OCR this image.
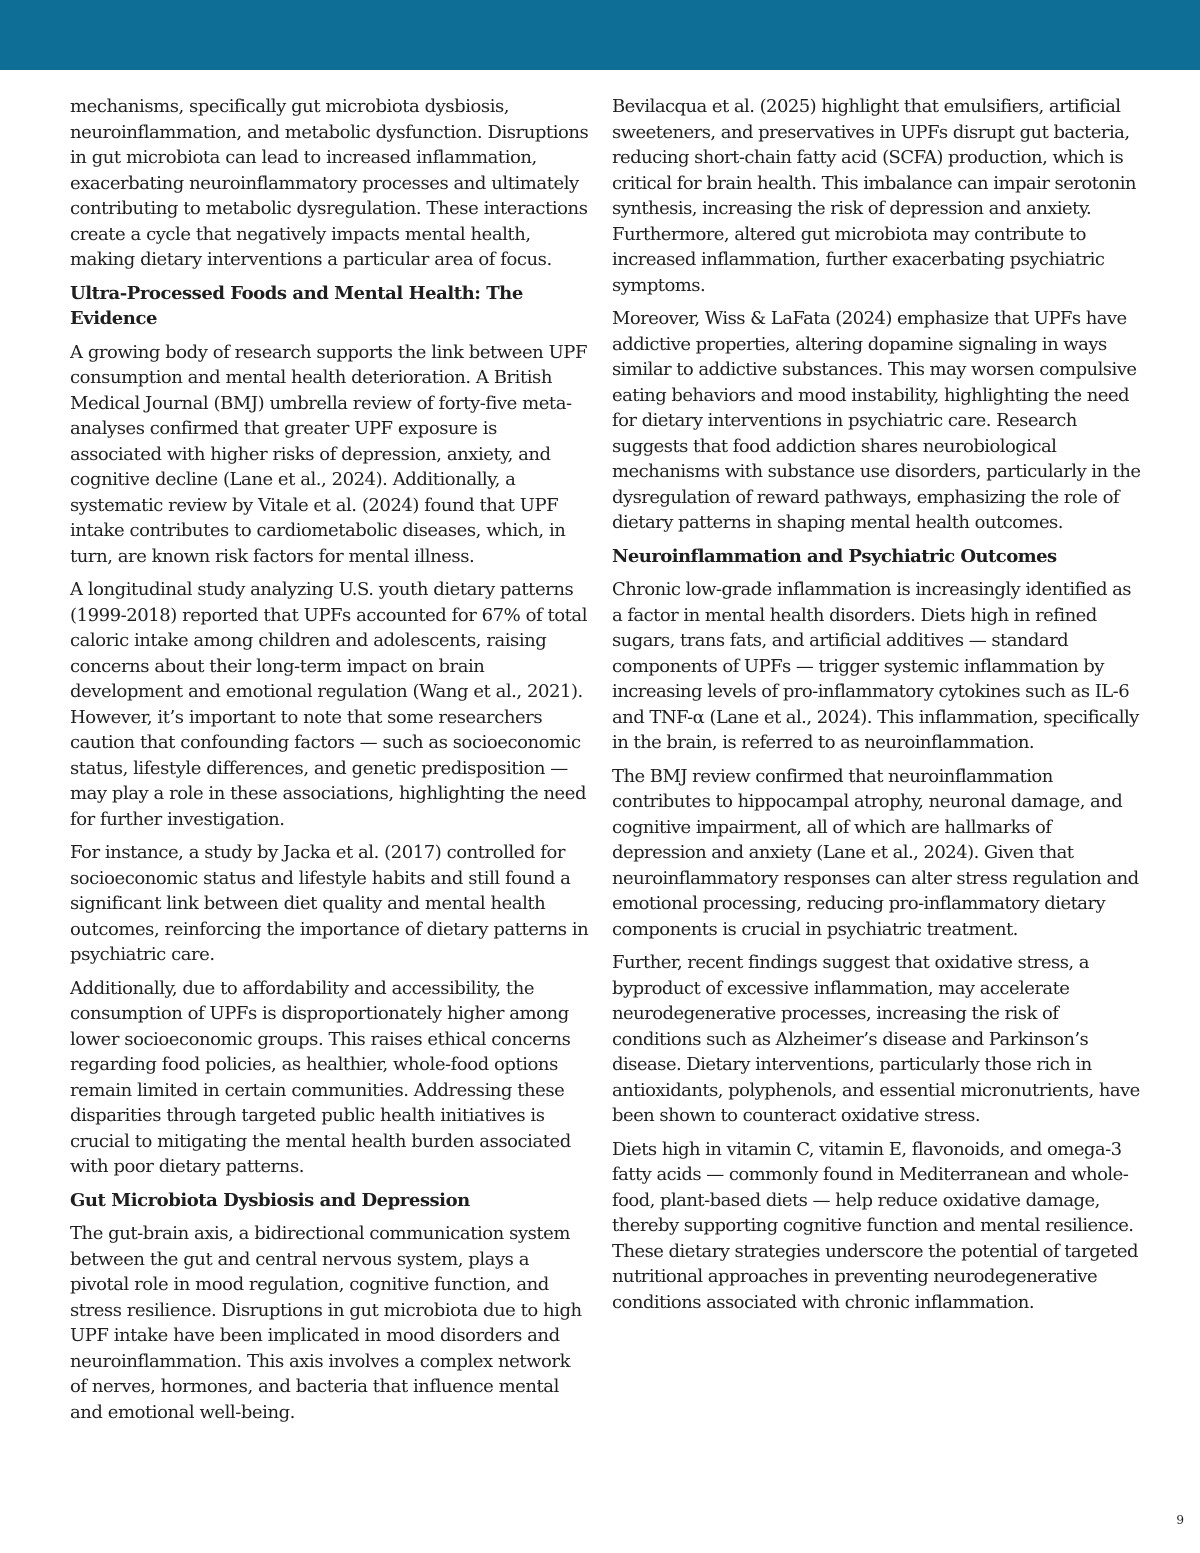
mechanisms, specifically gut microbiota dysbiosis, neuroinflammation, and metabolic dysfunction. Disruptions in gut microbiota can lead to increased inflammation, exacerbating neuroinflammatory processes and ultimately contributing to metabolic dysregulation. These interactions create a cycle that negatively impacts mental health, making dietary interventions a particular area of focus.

Ultra-Processed Foods and Mental Health: The Evidence

A growing body of research supports the link between UPF consumption and mental health deterioration. A British Medical Journal (BMJ) umbrella review of forty-five meta-analyses confirmed that greater UPF exposure is associated with higher risks of depression, anxiety, and cognitive decline (Lane et al., 2024). Additionally, a systematic review by Vitale et al. (2024) found that UPF intake contributes to cardiometabolic diseases, which, in turn, are known risk factors for mental illness.

A longitudinal study analyzing U.S. youth dietary patterns (1999-2018) reported that UPFs accounted for 67% of total caloric intake among children and adolescents, raising concerns about their long-term impact on brain development and emotional regulation (Wang et al., 2021). However, it’s important to note that some researchers caution that confounding factors — such as socioeconomic status, lifestyle differences, and genetic predisposition — may play a role in these associations, highlighting the need for further investigation.

For instance, a study by Jacka et al. (2017) controlled for socioeconomic status and lifestyle habits and still found a significant link between diet quality and mental health outcomes, reinforcing the importance of dietary patterns in psychiatric care.

Additionally, due to affordability and accessibility, the consumption of UPFs is disproportionately higher among lower socioeconomic groups. This raises ethical concerns regarding food policies, as healthier, whole-food options remain limited in certain communities. Addressing these disparities through targeted public health initiatives is crucial to mitigating the mental health burden associated with poor dietary patterns.

Gut Microbiota Dysbiosis and Depression

The gut-brain axis, a bidirectional communication system between the gut and central nervous system, plays a pivotal role in mood regulation, cognitive function, and stress resilience. Disruptions in gut microbiota due to high UPF intake have been implicated in mood disorders and neuroinflammation. This axis involves a complex network of nerves, hormones, and bacteria that influence mental and emotional well-being.

Bevilacqua et al. (2025) highlight that emulsifiers, artificial sweeteners, and preservatives in UPFs disrupt gut bacteria, reducing short-chain fatty acid (SCFA) production, which is critical for brain health. This imbalance can impair serotonin synthesis, increasing the risk of depression and anxiety. Furthermore, altered gut microbiota may contribute to increased inflammation, further exacerbating psychiatric symptoms.

Moreover, Wiss & LaFata (2024) emphasize that UPFs have addictive properties, altering dopamine signaling in ways similar to addictive substances. This may worsen compulsive eating behaviors and mood instability, highlighting the need for dietary interventions in psychiatric care. Research suggests that food addiction shares neurobiological mechanisms with substance use disorders, particularly in the dysregulation of reward pathways, emphasizing the role of dietary patterns in shaping mental health outcomes.

Neuroinflammation and Psychiatric Outcomes

Chronic low-grade inflammation is increasingly identified as a factor in mental health disorders. Diets high in refined sugars, trans fats, and artificial additives — standard components of UPFs — trigger systemic inflammation by increasing levels of pro-inflammatory cytokines such as IL-6 and TNF-α (Lane et al., 2024). This inflammation, specifically in the brain, is referred to as neuroinflammation.

The BMJ review confirmed that neuroinflammation contributes to hippocampal atrophy, neuronal damage, and cognitive impairment, all of which are hallmarks of depression and anxiety (Lane et al., 2024). Given that neuroinflammatory responses can alter stress regulation and emotional processing, reducing pro-inflammatory dietary components is crucial in psychiatric treatment.

Further, recent findings suggest that oxidative stress, a byproduct of excessive inflammation, may accelerate neurodegenerative processes, increasing the risk of conditions such as Alzheimer’s disease and Parkinson’s disease. Dietary interventions, particularly those rich in antioxidants, polyphenols, and essential micronutrients, have been shown to counteract oxidative stress.

Diets high in vitamin C, vitamin E, flavonoids, and omega-3 fatty acids — commonly found in Mediterranean and whole-food, plant-based diets — help reduce oxidative damage, thereby supporting cognitive function and mental resilience. These dietary strategies underscore the potential of targeted nutritional approaches in preventing neurodegenerative conditions associated with chronic inflammation.

9
